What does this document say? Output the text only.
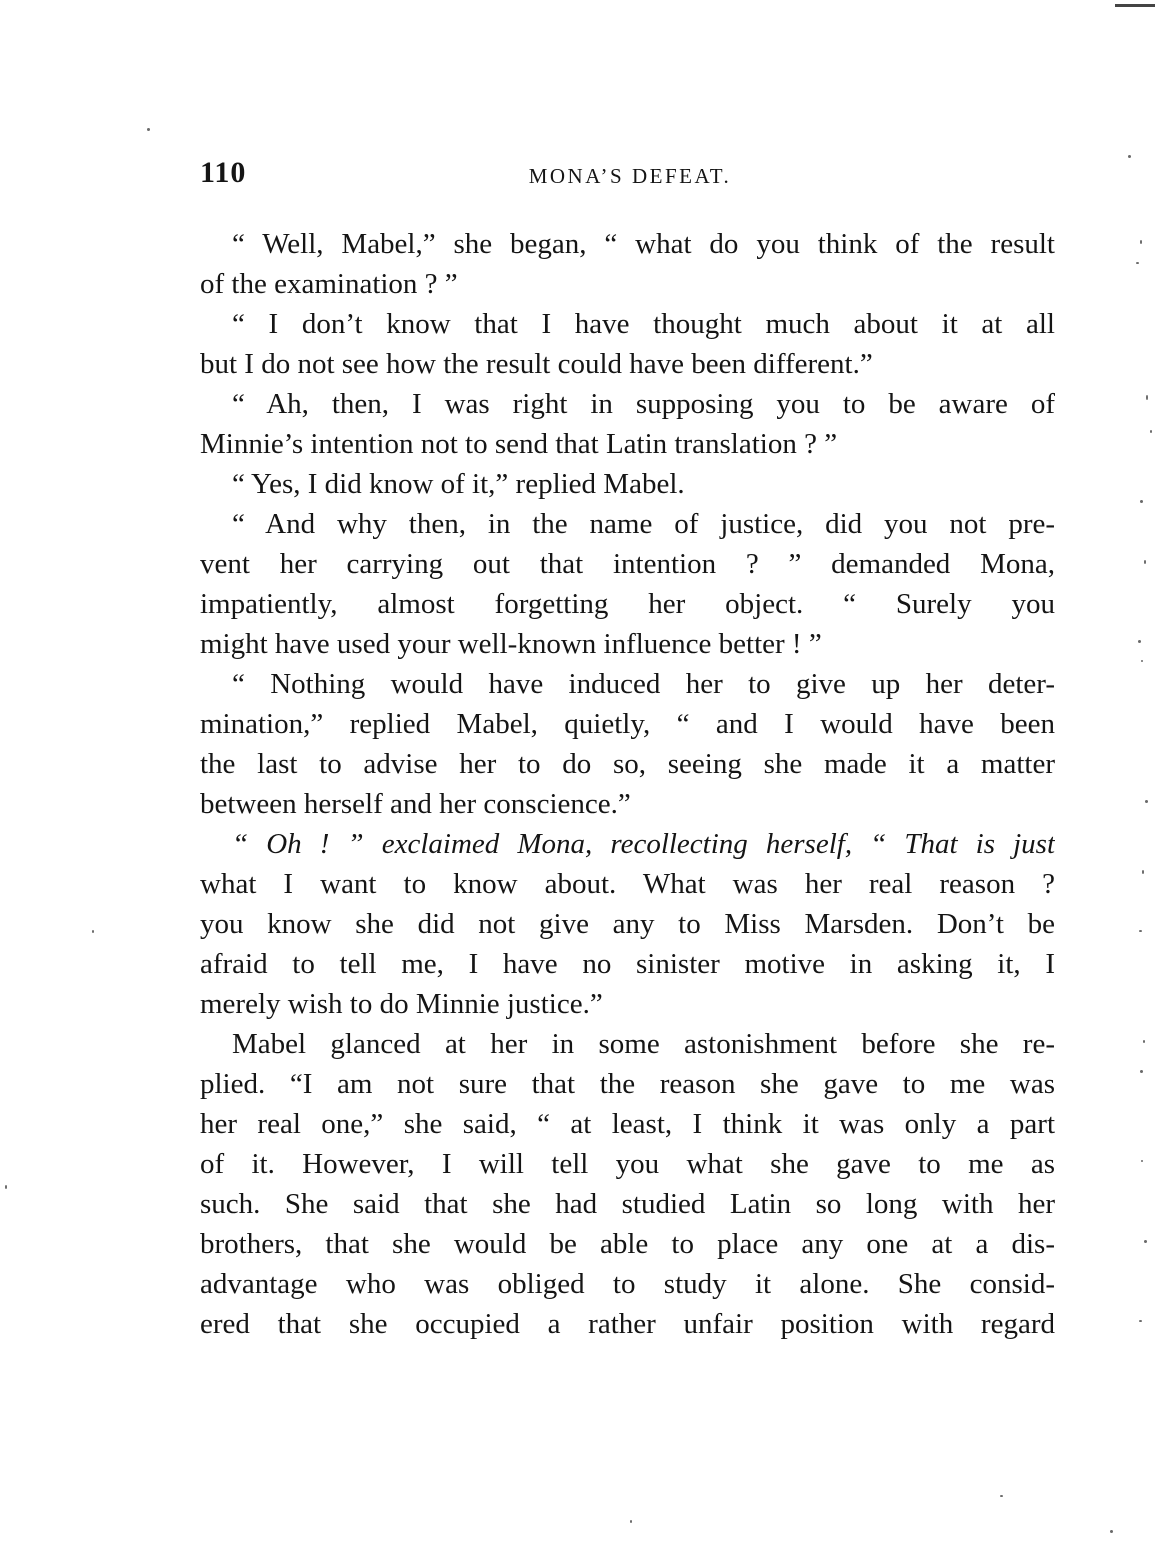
110	MONA’S DEFEAT.
“ Well, Mabel,” she began, “ what do you think of the result
of the examination ? ”
“ I don’t know that I have thought much about it at all
but I do not see how the result could have been different.”
“ Ah, then, I was right in supposing you to be aware of
Minnie’s intention not to send that Latin translation ? ”
“ Yes, I did know of it,” replied Mabel.
“ And why then, in the name of justice, did you not pre-
vent her carrying out that intention ? ” demanded Mona,
impatiently, almost forgetting her object. “ Surely you
might have used your well-known influence better ! ”
“ Nothing would have induced her to give up her deter-
mination,” replied Mabel, quietly, “ and I would have been
the last to advise her to do so, seeing she made it a matter
between herself and her conscience.”
“ Oh ! ” exclaimed Mona, recollecting herself, “ That is just
what I want to know about. What was her real reason ?
you know she did not give any to Miss Marsden. Don’t be
afraid to tell me, I have no sinister motive in asking it, I
merely wish to do Minnie justice.”
Mabel glanced at her in some astonishment before she re-
plied. “I am not sure that the reason she gave to me was
her real one,” she said, “ at least, I think it was only a part
of it. However, I will tell you what she gave to me as
such. She said that she had studied Latin so long with her
brothers, that she would be able to place any one at a dis-
advantage who was obliged to study it alone. She consid-
ered that she occupied a rather unfair position with regard
